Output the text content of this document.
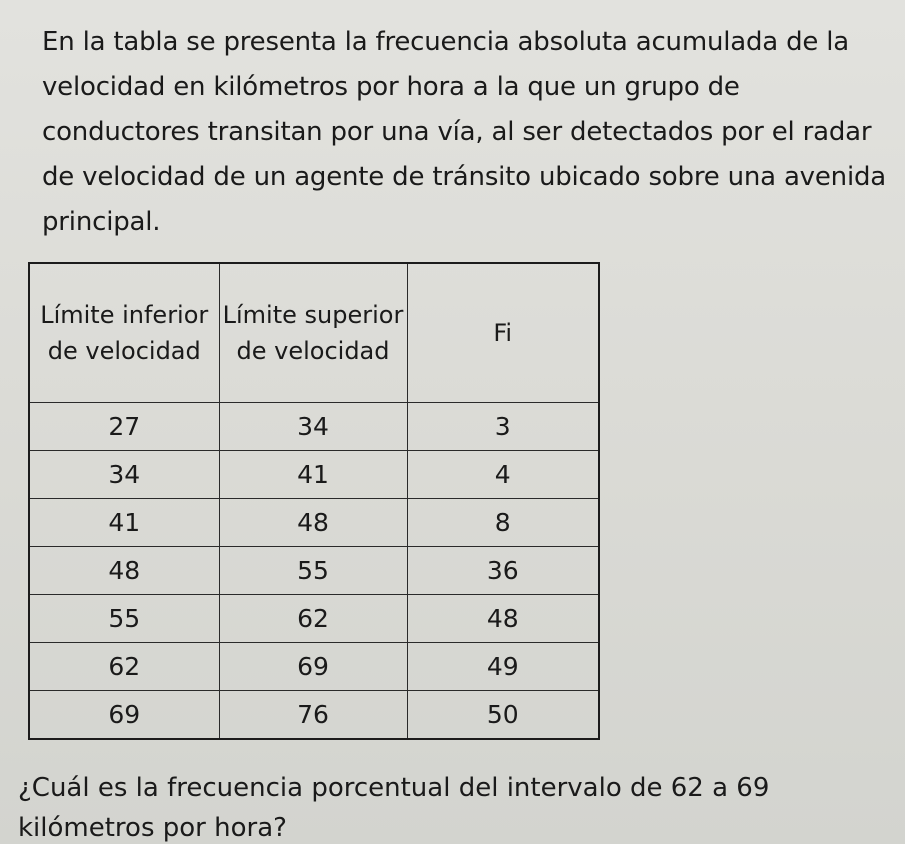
En la tabla se presenta la frecuencia absoluta acumulada de la velocidad en kilómetros por hora a la que un grupo de conductores transitan por una vía, al ser detectados por el radar de velocidad de un agente de tránsito ubicado sobre una avenida principal.
Límite inferior de velocidad	Límite superior de velocidad	Fi
27	34	3
34	41	4
41	48	8
48	55	36
55	62	48
62	69	49
69	76	50
¿Cuál es la frecuencia porcentual del intervalo de 62 a 69 kilómetros por hora?
